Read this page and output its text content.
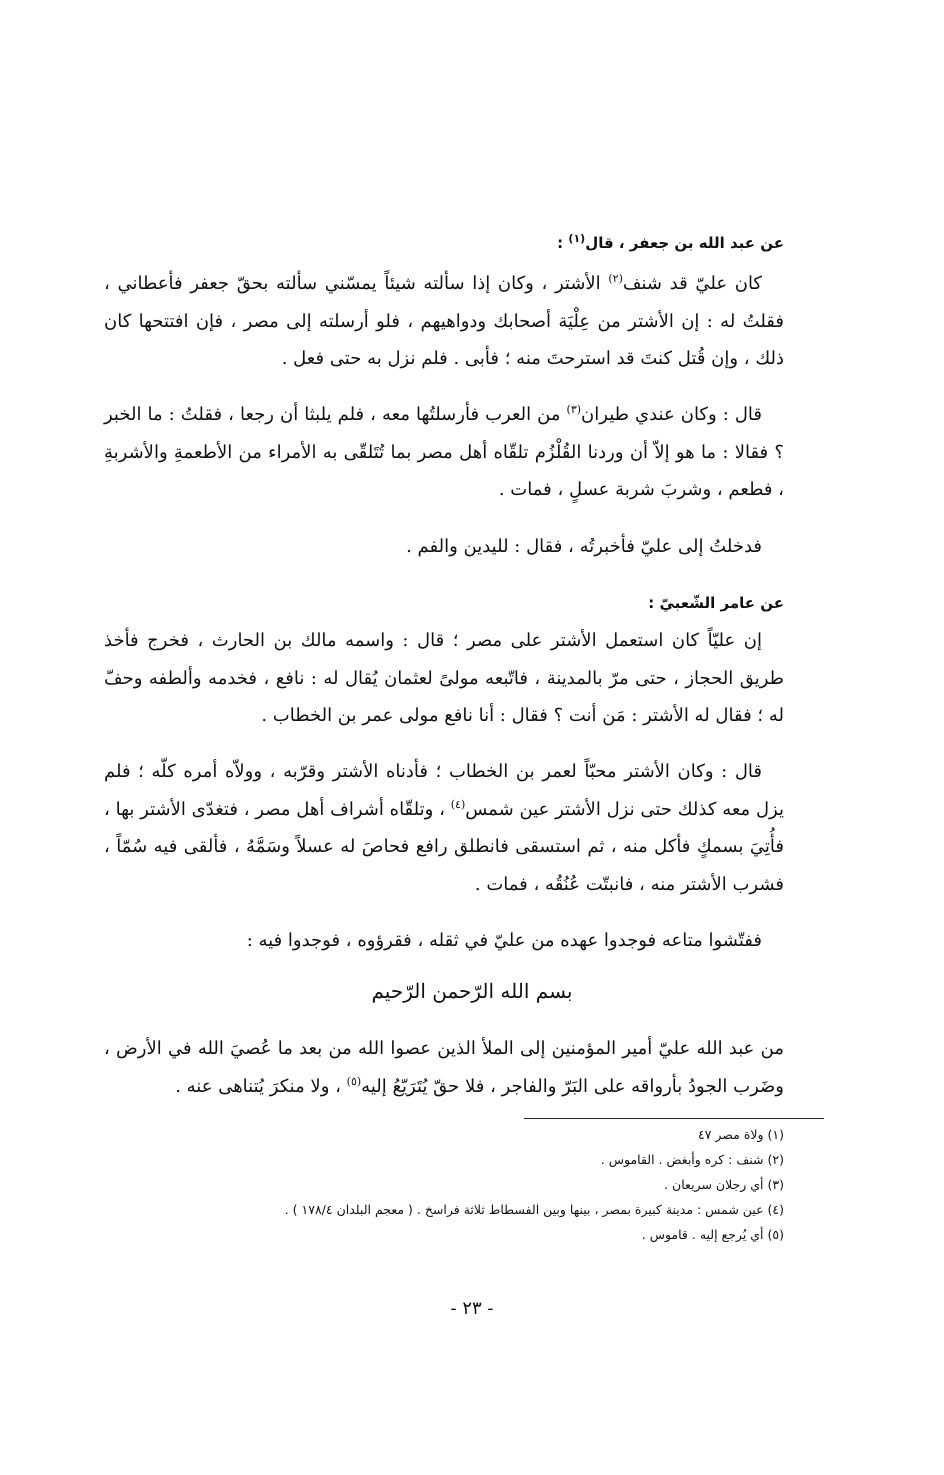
عن عبد الله بن جعفر ، قال$^{(١)}$ :
كان عليّ قد شنف$^{(٢)}$ الأشتر ، وكان إذا سألته شيئاً يمسّني سألته بحقّ جعفر فأعطاني ، فقلتُ له : إن الأشتر من عِلْيَة أصحابك ودواهيهم ، فلو أرسلته إلى مصر ، فإن افتتحها كان ذلك ، وإن قُتل كنتَ قد استرحتَ منه ؛ فأبى . فلم نزل به حتى فعل .
قال : وكان عندي طيران$^{(٣)}$ من العرب فأرسلتُها معه ، فلم يلبثا أن رجعا ، فقلتُ : ما الخبر ؟ فقالا : ما هو إلاّ أن وردنا القُلْزُم تلقّاه أهل مصر بما تُتَلقّى به الأمراء من الأطعمةِ والأشربةِ ، فطعم ، وشربَ شربة عسلٍ ، فمات .
فدخلتُ إلى عليّ فأخبرتُه ، فقال : لليدين والفم .
عن عامر الشّعبيّ :
إن عليّاً كان استعمل الأشتر على مصر ؛ قال : واسمه مالك بن الحارث ، فخرج فأخذ طريق الحجاز ، حتى مرّ بالمدينة ، فاتّبعه مولىً لعثمان يُقال له : نافع ، فخدمه وألطفه وحفّ له ؛ فقال له الأشتر : مَن أنت ؟ فقال : أنا نافع مولى عمر بن الخطاب .
قال : وكان الأشتر محبّاً لعمر بن الخطاب ؛ فأدناه الأشتر وقرّبه ، وولاّه أمره كلّه ؛ فلم يزل معه كذلك حتى نزل الأشتر عين شمس$^{(٤)}$ ، وتلقّاه أشراف أهل مصر ، فتغدّى الأشتر بها ، فأُتِيَ بسمكٍ فأكل منه ، ثم استسقى فانطلق رافع فحاصَ له عسلاً وسَمَّهُ ، فألقى فيه سُمّاً ، فشرب الأشتر منه ، فانبتّت عُنُقُه ، فمات .
ففتّشوا متاعه فوجدوا عهده من عليّ في ثقله ، فقرؤوه ، فوجدوا فيه :
بسم الله الرّحمن الرّحيم
من عبد الله عليّ أمير المؤمنين إلى الملأ الذين عصوا الله من بعد ما عُصيَ الله في الأرض ، وضَرب الجودُ بأرواقه على البَرّ والفاجر ، فلا حقّ يُتَرَيّعُ إليه$^{(٥)}$ ، ولا منكرَ يُتناهى عنه .
(١) ولاة مصر ٤٧
(٢) شنف : كره وأبغض . القاموس .
(٣) أي رجلان سريعان .
(٤) عين شمس : مدينة كبيرة بمصر ، بينها وبين الفسطاط ثلاثة فراسخ . ( معجم البلدان ١٧٨/٤ ) .
(٥) أي يُرجع إليه . قاموس .
- ٢٣ -
